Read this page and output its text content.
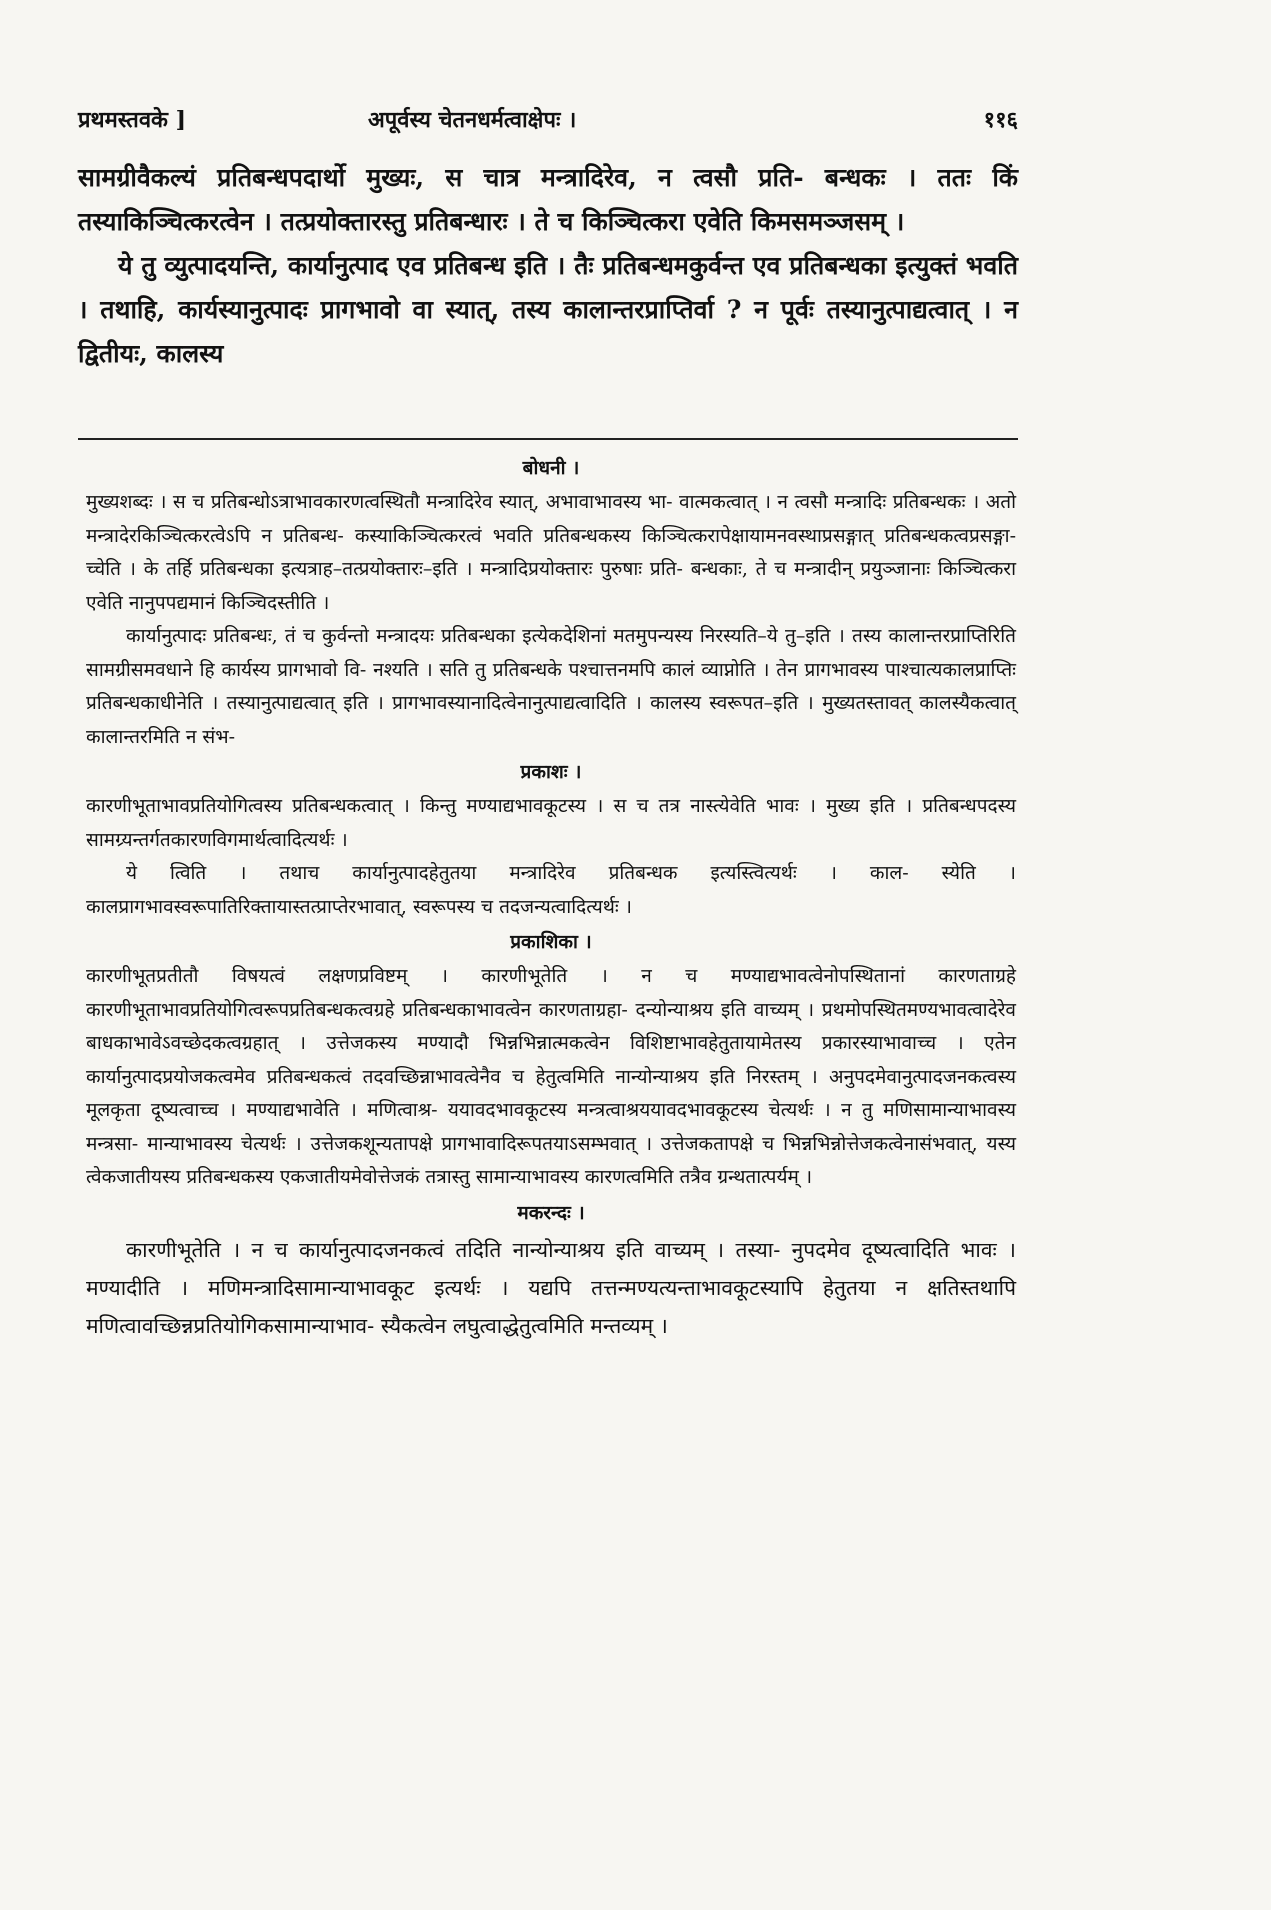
प्रथमस्तवके ]	अपूर्वस्य चेतनधर्मत्वाक्षेपः ।	११६

सामग्रीवैकल्यं प्रतिबन्धपदार्थो मुख्यः, स चात्र मन्त्रादिरेव, न त्वसौ प्रति- बन्धकः । ततः किं तस्याकिञ्चित्करत्वेन । तत्प्रयोक्तारस्तु प्रतिबन्धारः । ते च किञ्चित्करा एवेति किमसमञ्जसम् ।

ये तु व्युत्पादयन्ति, कार्यानुत्पाद एव प्रतिबन्ध इति । तैः प्रतिबन्धमकुर्वन्त एव प्रतिबन्धका इत्युक्तं भवति । तथाहि, कार्यस्यानुत्पादः प्रागभावो वा स्यात्, तस्य कालान्तरप्राप्तिर्वा ? न पूर्वः तस्यानुत्पाद्यत्वात् । न द्वितीयः, कालस्य

बोधनी ।

मुख्यशब्दः । स च प्रतिबन्धोऽत्राभावकारणत्वस्थितौ मन्त्रादिरेव स्यात्, अभावाभावस्य भा- वात्मकत्वात् । न त्वसौ मन्त्रादिः प्रतिबन्धकः । अतो मन्त्रादेरकिञ्चित्करत्वेऽपि न प्रतिबन्ध- कस्याकिञ्चित्करत्वं भवति प्रतिबन्धकस्य किञ्चित्करापेक्षायामनवस्थाप्रसङ्गात् प्रतिबन्धकत्वप्रसङ्गा- च्चेति । के तर्हि प्रतिबन्धका इत्यत्राह–तत्प्रयोक्तारः–इति । मन्त्रादिप्रयोक्तारः पुरुषाः प्रति- बन्धकाः, ते च मन्त्रादीन् प्रयुञ्जानाः किञ्चित्करा एवेति नानुपपद्यमानं किञ्चिदस्तीति ।

कार्यानुत्पादः प्रतिबन्धः, तं च कुर्वन्तो मन्त्रादयः प्रतिबन्धका इत्येकदेशिनां मतमुपन्यस्य निरस्यति–ये तु–इति । तस्य कालान्तरप्राप्तिरिति सामग्रीसमवधाने हि कार्यस्य प्रागभावो वि- नश्यति । सति तु प्रतिबन्धके पश्चात्तनमपि कालं व्याप्नोति । तेन प्रागभावस्य पाश्चात्यकालप्राप्तिः प्रतिबन्धकाधीनेति । तस्यानुत्पाद्यत्वात् इति । प्रागभावस्यानादित्वेनानुत्पाद्यत्वादिति । कालस्य स्वरूपत–इति । मुख्यतस्तावत् कालस्यैकत्वात् कालान्तरमिति न संभ-

प्रकाशः ।

कारणीभूताभावप्रतियोगित्वस्य प्रतिबन्धकत्वात् । किन्तु मण्याद्यभावकूटस्य । स च तत्र नास्त्येवेति भावः । मुख्य इति । प्रतिबन्धपदस्य सामग्र्यन्तर्गतकारणविगमार्थत्वादित्यर्थः ।

ये त्विति । तथाच कार्यानुत्पादहेतुतया मन्त्रादिरेव प्रतिबन्धक इत्यस्त्वित्यर्थः । काल- स्येति । कालप्रागभावस्वरूपातिरिक्तायास्तत्प्राप्तेरभावात्, स्वरूपस्य च तदजन्यत्वादित्यर्थः ।

प्रकाशिका ।

कारणीभूतप्रतीतौ विषयत्वं लक्षणप्रविष्टम् । कारणीभूतेति । न च मण्याद्यभावत्वेनोपस्थितानां कारणताग्रहे कारणीभूताभावप्रतियोगित्वरूपप्रतिबन्धकत्वग्रहे प्रतिबन्धकाभावत्वेन कारणताग्रहा- दन्योन्याश्रय इति वाच्यम् । प्रथमोपस्थितमण्यभावत्वादेरेव बाधकाभावेऽवच्छेदकत्वग्रहात् । उत्तेजकस्य मण्यादौ भिन्नभिन्नात्मकत्वेन विशिष्टाभावहेतुतायामेतस्य प्रकारस्याभावाच्च । एतेन कार्यानुत्पादप्रयोजकत्वमेव प्रतिबन्धकत्वं तदवच्छिन्नाभावत्वेनैव च हेतुत्वमिति नान्योन्याश्रय इति निरस्तम् । अनुपदमेवानुत्पादजनकत्वस्य मूलकृता दूष्यत्वाच्च । मण्याद्यभावेति । मणित्वाश्र- ययावदभावकूटस्य मन्त्रत्वाश्रययावदभावकूटस्य चेत्यर्थः । न तु मणिसामान्याभावस्य मन्त्रसा- मान्याभावस्य चेत्यर्थः । उत्तेजकशून्यतापक्षे प्रागभावादिरूपतयाऽसम्भवात् । उत्तेजकतापक्षे च भिन्नभिन्नोत्तेजकत्वेनासंभवात्, यस्य त्वेकजातीयस्य प्रतिबन्धकस्य एकजातीयमेवोत्तेजकं तत्रास्तु सामान्याभावस्य कारणत्वमिति तत्रैव ग्रन्थतात्पर्यम् ।

मकरन्दः ।

कारणीभूतेति । न च कार्यानुत्पादजनकत्वं तदिति नान्योन्याश्रय इति वाच्यम् । तस्या- नुपदमेव दूष्यत्वादिति भावः । मण्यादीति । मणिमन्त्रादिसामान्याभावकूट इत्यर्थः । यद्यपि तत्तन्मण्यत्यन्ताभावकूटस्यापि हेतुतया न क्षतिस्तथापि मणित्वावच्छिन्नप्रतियोगिकसामान्याभाव- स्यैकत्वेन लघुत्वाद्धेतुत्वमिति मन्तव्यम् ।
